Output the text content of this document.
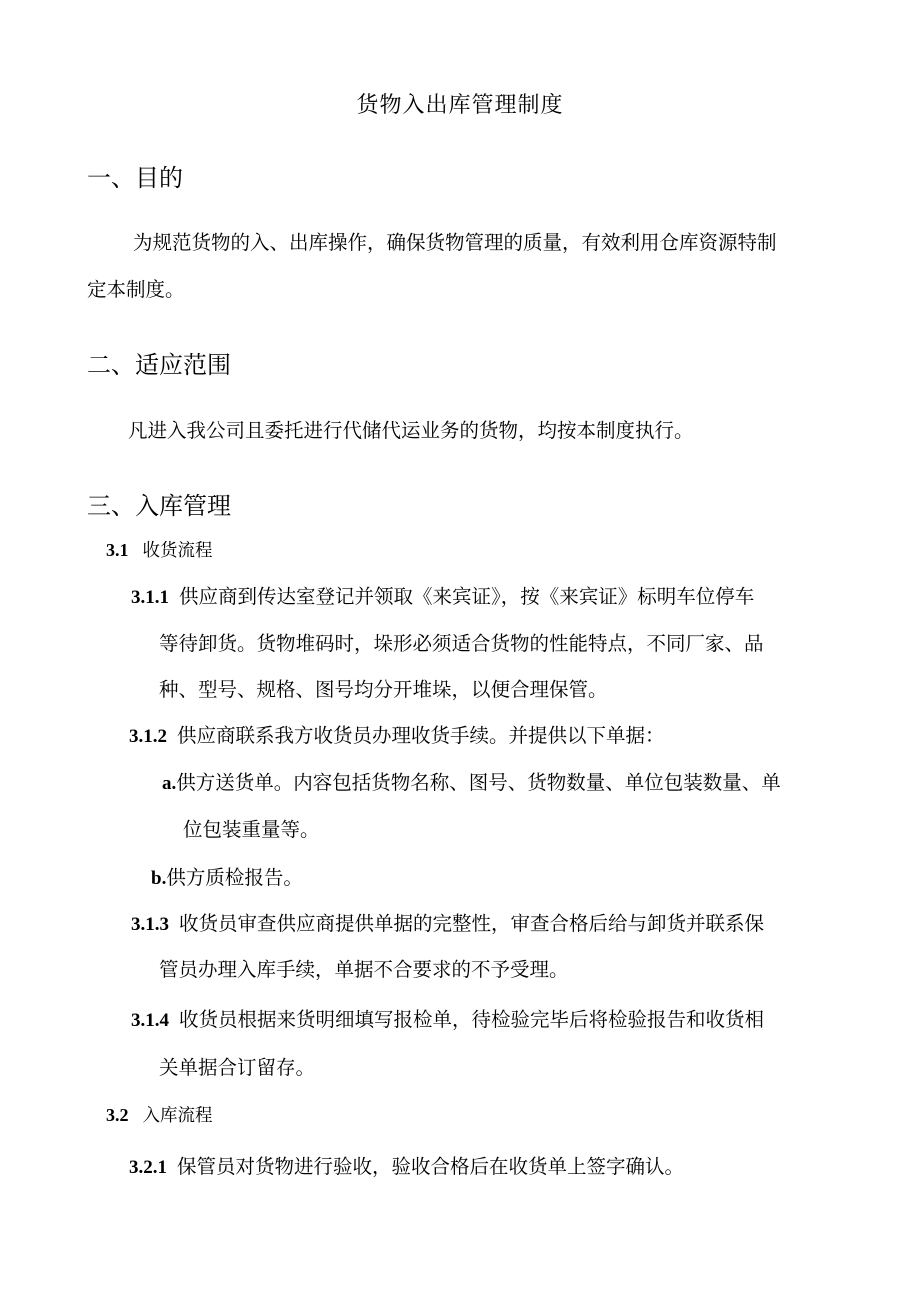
货物入出库管理制度
一、目的
为规范货物的入、出库操作，确保货物管理的质量，有效利用仓库资源特制
定本制度。
二、适应范围
凡进入我公司且委托进行代储代运业务的货物，均按本制度执行。
三、入库管理
3.1 收货流程
3.1.1 供应商到传达室登记并领取《来宾证》，按《来宾证》标明车位停车
等待卸货。货物堆码时，垛形必须适合货物的性能特点，不同厂家、品
种、型号、规格、图号均分开堆垛，以便合理保管。
3.1.2 供应商联系我方收货员办理收货手续。并提供以下单据：
a.供方送货单。内容包括货物名称、图号、货物数量、单位包装数量、单
位包装重量等。
b.供方质检报告。
3.1.3 收货员审查供应商提供单据的完整性，审查合格后给与卸货并联系保
管员办理入库手续，单据不合要求的不予受理。
3.1.4 收货员根据来货明细填写报检单，待检验完毕后将检验报告和收货相
关单据合订留存。
3.2 入库流程
3.2.1 保管员对货物进行验收，验收合格后在收货单上签字确认。
